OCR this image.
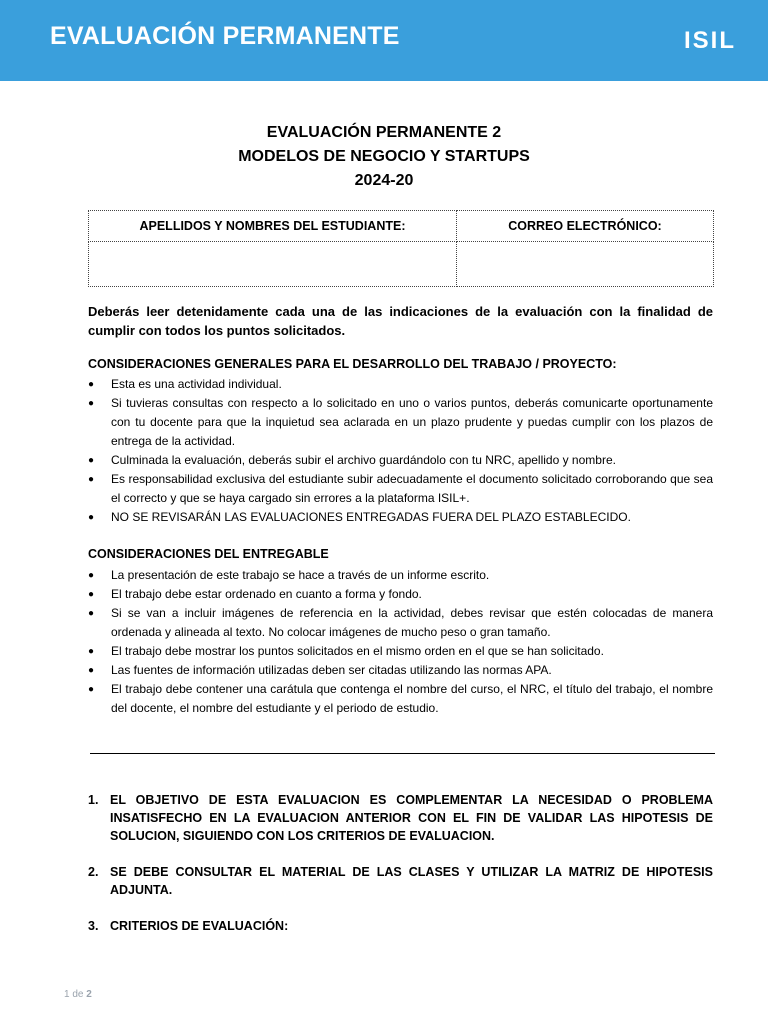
EVALUACIÓN PERMANENTE	ISIL
EVALUACIÓN PERMANENTE 2
MODELOS DE NEGOCIO Y STARTUPS
2024-20
APELLIDOS Y NOMBRES DEL ESTUDIANTE:	CORREO ELECTRÓNICO:

Deberás leer detenidamente cada una de las indicaciones de la evaluación con la finalidad de cumplir con todos los puntos solicitados.
CONSIDERACIONES GENERALES PARA EL DESARROLLO DEL TRABAJO / PROYECTO:
● Esta es una actividad individual.
● Si tuvieras consultas con respecto a lo solicitado en uno o varios puntos, deberás comunicarte oportunamente con tu docente para que la inquietud sea aclarada en un plazo prudente y puedas cumplir con los plazos de entrega de la actividad.
● Culminada la evaluación, deberás subir el archivo guardándolo con tu NRC, apellido y nombre.
● Es responsabilidad exclusiva del estudiante subir adecuadamente el documento solicitado corroborando que sea el correcto y que se haya cargado sin errores a la plataforma ISIL+.
● NO SE REVISARÁN LAS EVALUACIONES ENTREGADAS FUERA DEL PLAZO ESTABLECIDO.
CONSIDERACIONES DEL ENTREGABLE
● La presentación de este trabajo se hace a través de un informe escrito.
● El trabajo debe estar ordenado en cuanto a forma y fondo.
● Si se van a incluir imágenes de referencia en la actividad, debes revisar que estén colocadas de manera ordenada y alineada al texto. No colocar imágenes de mucho peso o gran tamaño.
● El trabajo debe mostrar los puntos solicitados en el mismo orden en el que se han solicitado.
● Las fuentes de información utilizadas deben ser citadas utilizando las normas APA.
● El trabajo debe contener una carátula que contenga el nombre del curso, el NRC, el título del trabajo, el nombre del docente, el nombre del estudiante y el periodo de estudio.
1. EL OBJETIVO DE ESTA EVALUACION ES COMPLEMENTAR LA NECESIDAD O PROBLEMA INSATISFECHO EN LA EVALUACION ANTERIOR CON EL FIN DE VALIDAR LAS HIPOTESIS DE SOLUCION, SIGUIENDO CON LOS CRITERIOS DE EVALUACION.
2. SE DEBE CONSULTAR EL MATERIAL DE LAS CLASES Y UTILIZAR LA MATRIZ DE HIPOTESIS ADJUNTA.
3. CRITERIOS DE EVALUACIÓN:
1 de 2
